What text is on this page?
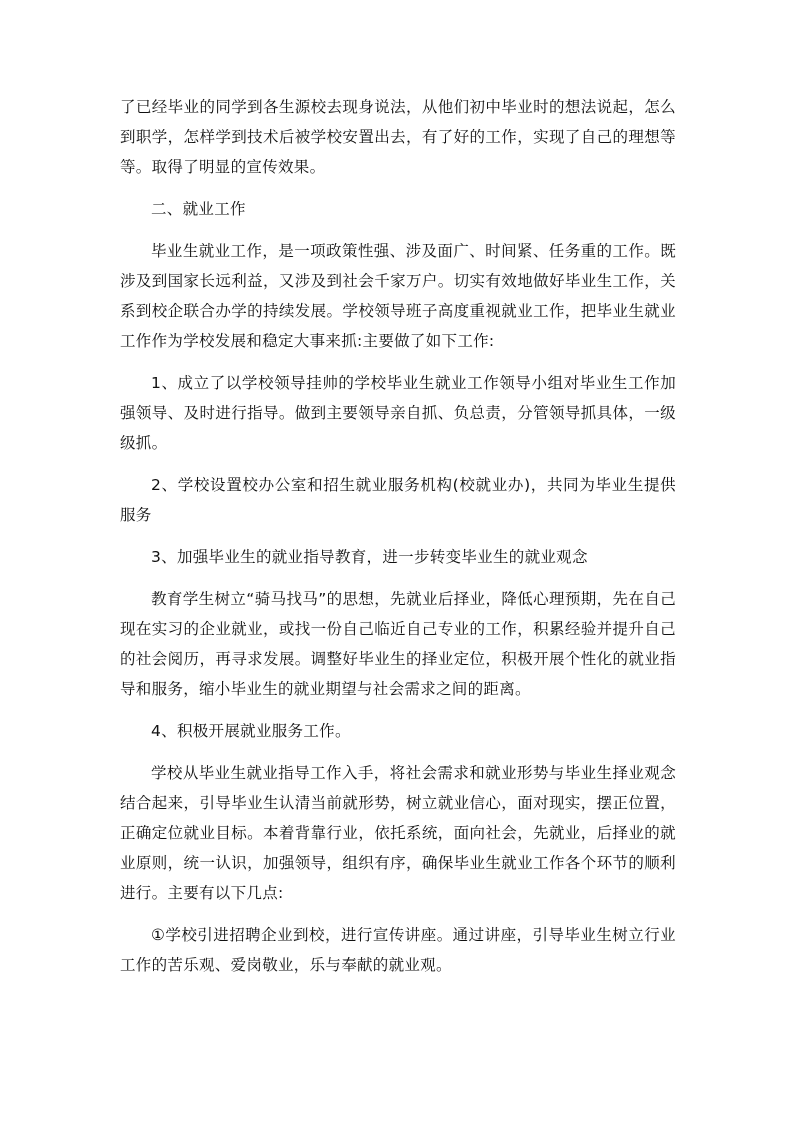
了已经毕业的同学到各生源校去现身说法，从他们初中毕业时的想法说起，怎么到职学，怎样学到技术后被学校安置出去，有了好的工作，实现了自己的理想等等。取得了明显的宣传效果。

二、就业工作

毕业生就业工作，是一项政策性强、涉及面广、时间紧、任务重的工作。既涉及到国家长远利益，又涉及到社会千家万户。切实有效地做好毕业生工作，关系到校企联合办学的持续发展。学校领导班子高度重视就业工作，把毕业生就业工作作为学校发展和稳定大事来抓:主要做了如下工作:

1、成立了以学校领导挂帅的学校毕业生就业工作领导小组对毕业生工作加强领导、及时进行指导。做到主要领导亲自抓、负总责，分管领导抓具体，一级级抓。

2、学校设置校办公室和招生就业服务机构(校就业办)，共同为毕业生提供服务

3、加强毕业生的就业指导教育，进一步转变毕业生的就业观念

教育学生树立“骑马找马”的思想，先就业后择业，降低心理预期，先在自己现在实习的企业就业，或找一份自己临近自己专业的工作，积累经验并提升自己的社会阅历，再寻求发展。调整好毕业生的择业定位，积极开展个性化的就业指导和服务，缩小毕业生的就业期望与社会需求之间的距离。

4、积极开展就业服务工作。

学校从毕业生就业指导工作入手，将社会需求和就业形势与毕业生择业观念结合起来，引导毕业生认清当前就形势，树立就业信心，面对现实，摆正位置，正确定位就业目标。本着背靠行业，依托系统，面向社会，先就业，后择业的就业原则，统一认识，加强领导，组织有序，确保毕业生就业工作各个环节的顺利进行。主要有以下几点:

①学校引进招聘企业到校，进行宣传讲座。通过讲座，引导毕业生树立行业工作的苦乐观、爱岗敬业，乐与奉献的就业观。
